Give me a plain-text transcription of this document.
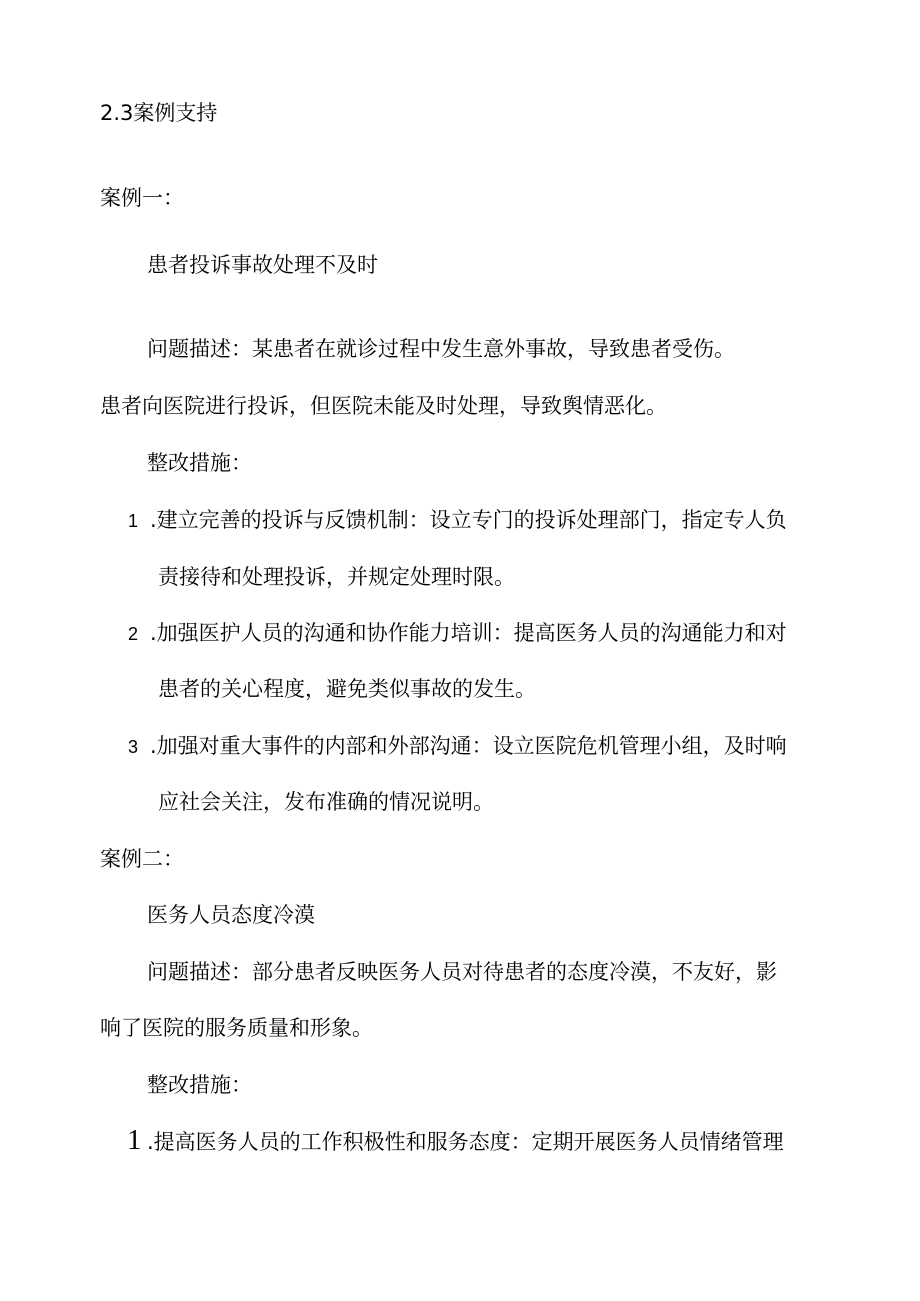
2.3案例支持
案例一：
患者投诉事故处理不及时
问题描述：某患者在就诊过程中发生意外事故，导致患者受伤。
患者向医院进行投诉，但医院未能及时处理，导致舆情恶化。
整改措施：
1 .建立完善的投诉与反馈机制：设立专门的投诉处理部门，指定专人负
责接待和处理投诉，并规定处理时限。
2 .加强医护人员的沟通和协作能力培训：提高医务人员的沟通能力和对
患者的关心程度，避免类似事故的发生。
3 .加强对重大事件的内部和外部沟通：设立医院危机管理小组，及时响
应社会关注，发布准确的情况说明。
案例二：
医务人员态度冷漠
问题描述：部分患者反映医务人员对待患者的态度冷漠，不友好，影
响了医院的服务质量和形象。
整改措施：
1 .提高医务人员的工作积极性和服务态度：定期开展医务人员情绪管理
